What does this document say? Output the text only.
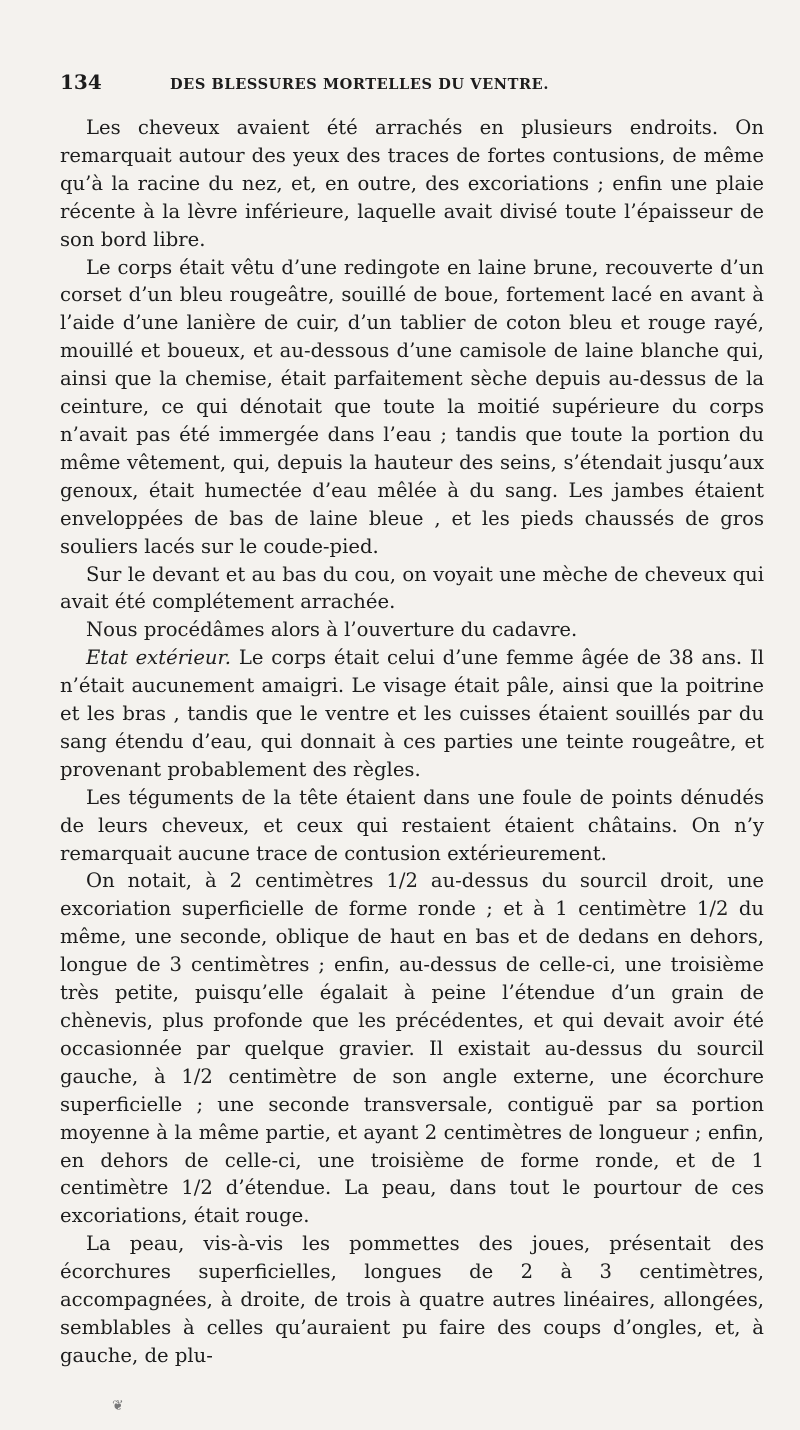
134	DES BLESSURES MORTELLES DU VENTRE.

Les cheveux avaient été arrachés en plusieurs endroits. On remarquait autour des yeux des traces de fortes contusions, de même qu’à la racine du nez, et, en outre, des excoriations ; enfin une plaie récente à la lèvre inférieure, laquelle avait divisé toute l’épaisseur de son bord libre.

Le corps était vêtu d’une redingote en laine brune, recouverte d’un corset d’un bleu rougeâtre, souillé de boue, fortement lacé en avant à l’aide d’une lanière de cuir, d’un tablier de coton bleu et rouge rayé, mouillé et boueux, et au-dessous d’une camisole de laine blanche qui, ainsi que la chemise, était parfaitement sèche depuis au-dessus de la ceinture, ce qui dénotait que toute la moitié supérieure du corps n’avait pas été immergée dans l’eau ; tandis que toute la portion du même vêtement, qui, depuis la hauteur des seins, s’étendait jusqu’aux genoux, était humectée d’eau mêlée à du sang. Les jambes étaient enveloppées de bas de laine bleue , et les pieds chaussés de gros souliers lacés sur le coude-pied.

Sur le devant et au bas du cou, on voyait une mèche de cheveux qui avait été complétement arrachée.

Nous procédâmes alors à l’ouverture du cadavre.

Etat extérieur. Le corps était celui d’une femme âgée de 38 ans. Il n’était aucunement amaigri. Le visage était pâle, ainsi que la poitrine et les bras , tandis que le ventre et les cuisses étaient souillés par du sang étendu d’eau, qui donnait à ces parties une teinte rougeâtre, et provenant probablement des règles.

Les téguments de la tête étaient dans une foule de points dénudés de leurs cheveux, et ceux qui restaient étaient châtains. On n’y remarquait aucune trace de contusion extérieurement.

On notait, à 2 centimètres 1/2 au-dessus du sourcil droit, une excoriation superficielle de forme ronde ; et à 1 centimètre 1/2 du même, une seconde, oblique de haut en bas et de dedans en dehors, longue de 3 centimètres ; enfin, au-dessus de celle-ci, une troisième très petite, puisqu’elle égalait à peine l’étendue d’un grain de chènevis, plus profonde que les précédentes, et qui devait avoir été occasionnée par quelque gravier. Il existait au-dessus du sourcil gauche, à 1/2 centimètre de son angle externe, une écorchure superficielle ; une seconde transversale, contiguë par sa portion moyenne à la même partie, et ayant 2 centimètres de longueur ; enfin, en dehors de celle-ci, une troisième de forme ronde, et de 1 centimètre 1/2 d’étendue. La peau, dans tout le pourtour de ces excoriations, était rouge.

La peau, vis-à-vis les pommettes des joues, présentait des écorchures superficielles, longues de 2 à 3 centimètres, accompagnées, à droite, de trois à quatre autres linéaires, allongées, semblables à celles qu’auraient pu faire des coups d’ongles, et, à gauche, de plu-

❦
